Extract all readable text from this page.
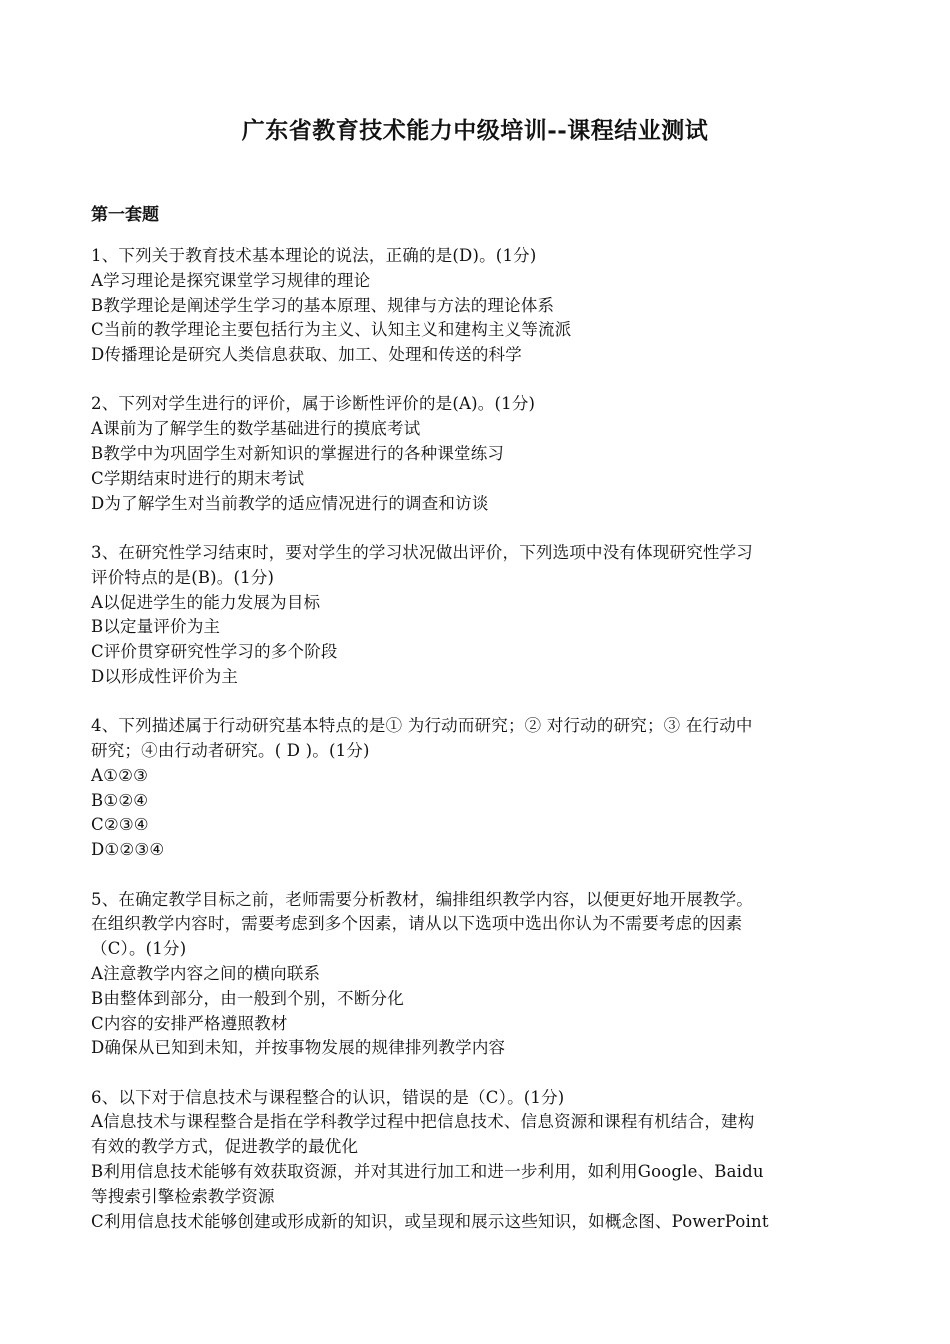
广东省教育技术能力中级培训--课程结业测试
第一套题
1、下列关于教育技术基本理论的说法，正确的是(D)。(1分)
A学习理论是探究课堂学习规律的理论
B教学理论是阐述学生学习的基本原理、规律与方法的理论体系
C当前的教学理论主要包括行为主义、认知主义和建构主义等流派
D传播理论是研究人类信息获取、加工、处理和传送的科学
2、下列对学生进行的评价，属于诊断性评价的是(A)。(1分)
A课前为了解学生的数学基础进行的摸底考试
B教学中为巩固学生对新知识的掌握进行的各种课堂练习
C学期结束时进行的期末考试
D为了解学生对当前教学的适应情况进行的调查和访谈
3、在研究性学习结束时，要对学生的学习状况做出评价，下列选项中没有体现研究性学习
评价特点的是(B)。(1分)
A以促进学生的能力发展为目标
B以定量评价为主
C评价贯穿研究性学习的多个阶段
D以形成性评价为主
4、下列描述属于行动研究基本特点的是① 为行动而研究；② 对行动的研究；③ 在行动中
研究；④由行动者研究。( D )。(1分)
A①②③
B①②④
C②③④
D①②③④
5、在确定教学目标之前，老师需要分析教材，编排组织教学内容，以便更好地开展教学。
在组织教学内容时，需要考虑到多个因素，请从以下选项中选出你认为不需要考虑的因素
（C）。(1分)
A注意教学内容之间的横向联系
B由整体到部分，由一般到个别，不断分化
C内容的安排严格遵照教材
D确保从已知到未知，并按事物发展的规律排列教学内容
6、以下对于信息技术与课程整合的认识，错误的是（C）。(1分)
A信息技术与课程整合是指在学科教学过程中把信息技术、信息资源和课程有机结合，建构
有效的教学方式，促进教学的最优化
B利用信息技术能够有效获取资源，并对其进行加工和进一步利用，如利用Google、Baidu
等搜索引擎检索教学资源
C利用信息技术能够创建或形成新的知识，或呈现和展示这些知识，如概念图、PowerPoint
